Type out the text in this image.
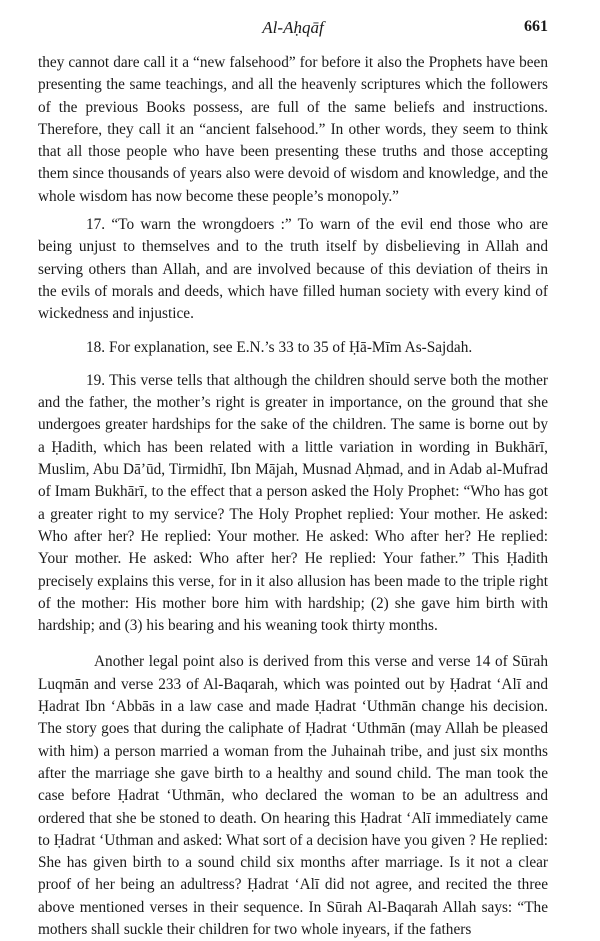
Al-Aḥqāf	661

they cannot dare call it a “new falsehood” for before it also the Prophets have been presenting the same teachings, and all the heavenly scriptures which the followers of the previous Books possess, are full of the same beliefs and instructions. Therefore, they call it an “ancient falsehood.” In other words, they seem to think that all those people who have been presenting these truths and those accepting them since thousands of years also were devoid of wisdom and knowledge, and the whole wisdom has now become these people’s monopoly.”

17. “To warn the wrongdoers :” To warn of the evil end those who are being unjust to themselves and to the truth itself by disbelieving in Allah and serving others than Allah, and are involved because of this deviation of theirs in the evils of morals and deeds, which have filled human society with every kind of wickedness and injustice.

18. For explanation, see E.N.’s 33 to 35 of Ḥā-Mīm As-Sajdah.

19. This verse tells that although the children should serve both the mother and the father, the mother’s right is greater in importance, on the ground that she undergoes greater hardships for the sake of the children. The same is borne out by a Ḥadith, which has been related with a little variation in wording in Bukhārī, Muslim, Abu Dā’ūd, Tirmidhī, Ibn Mājah, Musnad Aḥmad, and in Adab al-Mufrad of Imam Bukhārī, to the effect that a person asked the Holy Prophet: “Who has got a greater right to my service? The Holy Prophet replied: Your mother. He asked: Who after her? He replied: Your mother. He asked: Who after her? He replied: Your mother. He asked: Who after her? He replied: Your father.” This Ḥadith precisely explains this verse, for in it also allusion has been made to the triple right of the mother: His mother bore him with hardship; (2) she gave him birth with hardship; and (3) his bearing and his weaning took thirty months.

Another legal point also is derived from this verse and verse 14 of Sūrah Luqmān and verse 233 of Al-Baqarah, which was pointed out by Ḥadrat ‘Alī and Ḥadrat Ibn ‘Abbās in a law case and made Ḥadrat ‘Uthmān change his decision. The story goes that during the caliphate of Ḥadrat ‘Uthmān (may Allah be pleased with him) a person married a woman from the Juhainah tribe, and just six months after the marriage she gave birth to a healthy and sound child. The man took the case before Ḥadrat ‘Uthmān, who declared the woman to be an adultress and ordered that she be stoned to death. On hearing this Ḥadrat ‘Alī immediately came to Ḥadrat ‘Uthman and asked: What sort of a decision have you given ? He replied: She has given birth to a sound child six months after marriage. Is it not a clear proof of her being an adultress? Ḥadrat ‘Alī did not agree, and recited the three above mentioned verses in their sequence. In Sūrah Al-Baqarah Allah says: “The mothers shall suckle their children for two whole inyears, if the fathers
